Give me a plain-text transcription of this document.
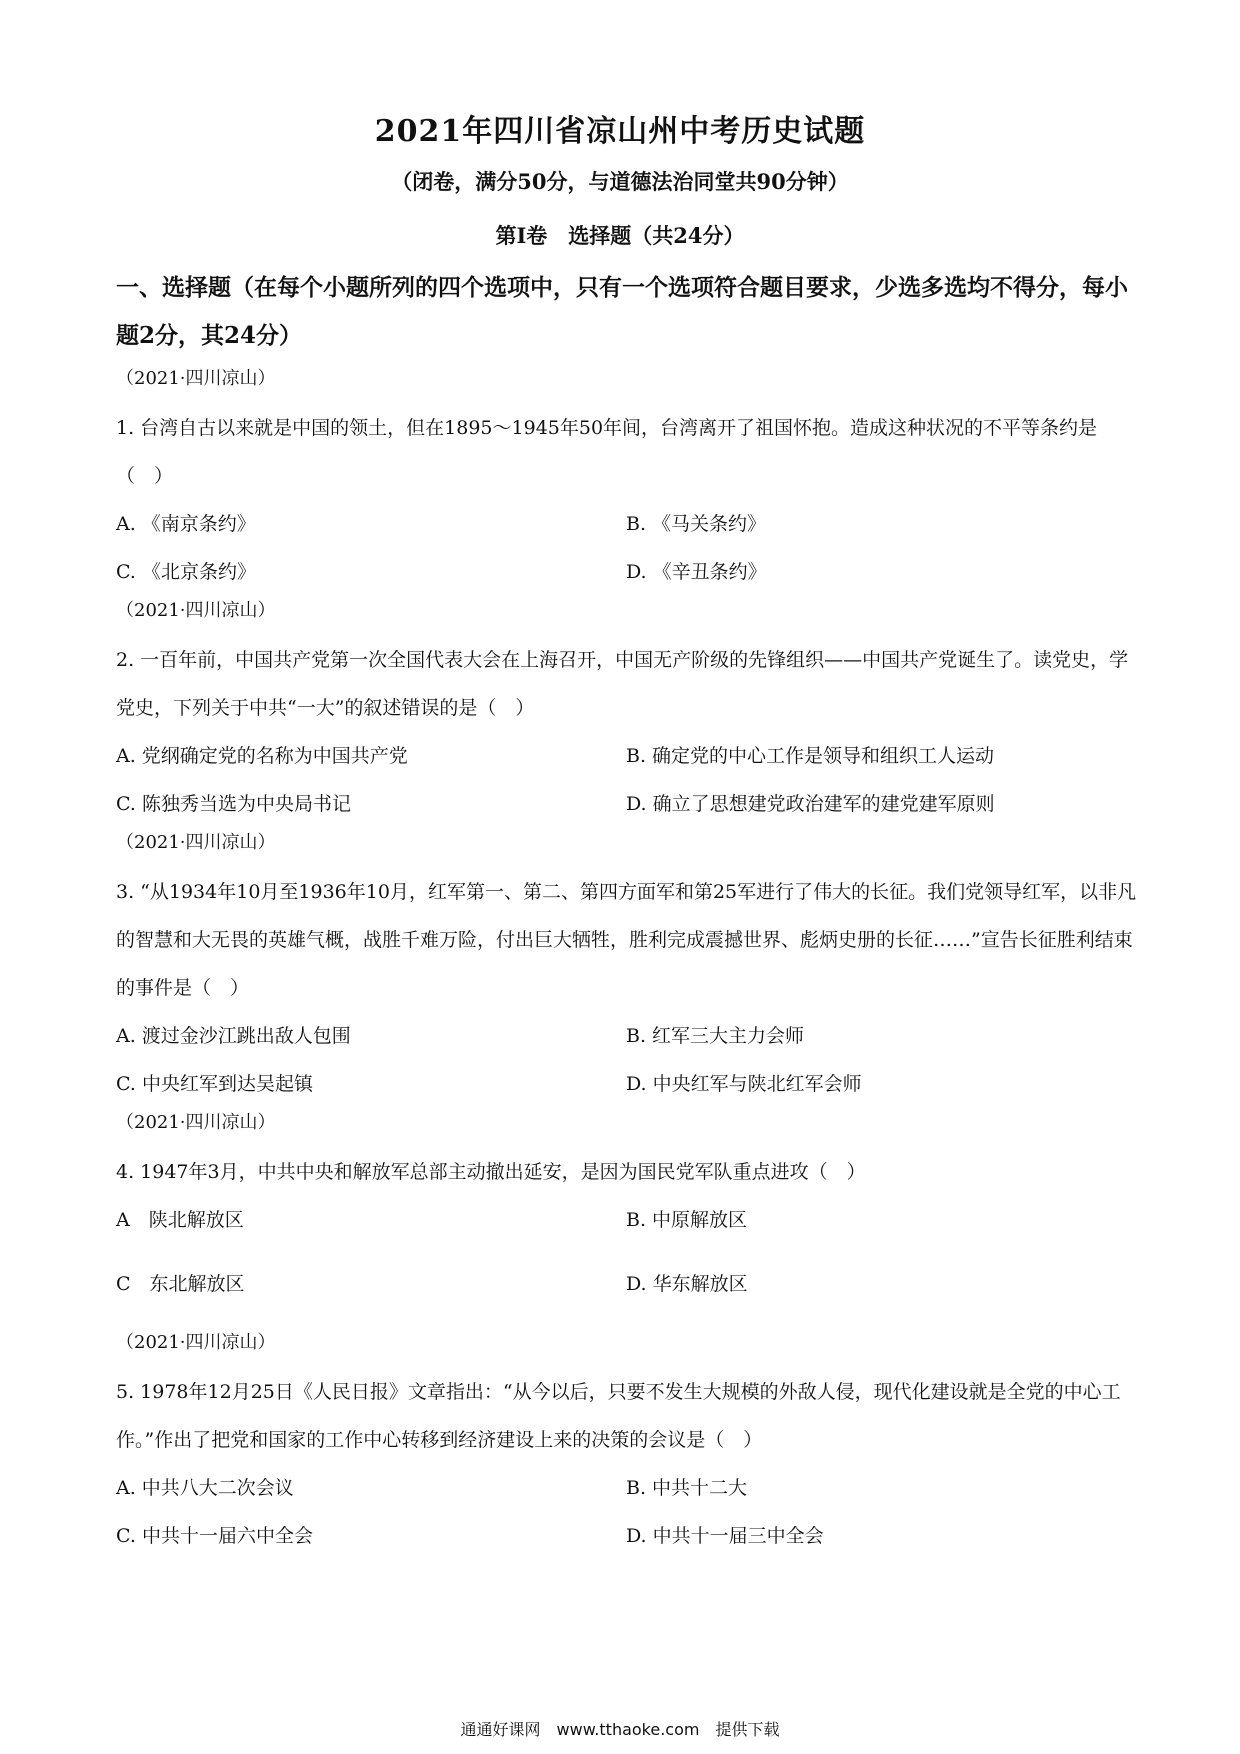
2021年四川省凉山州中考历史试题
（闭卷，满分50分，与道德法治同堂共90分钟）
第Ⅰ卷　选择题（共24分）
一、选择题（在每个小题所列的四个选项中，只有一个选项符合题目要求，少选多选均不得分，每小题2分，其24分）
（2021·四川凉山）
1. 台湾自古以来就是中国的领土，但在1895～1945年50年间，台湾离开了祖国怀抱。造成这种状况的不平等条约是（　）
A. 《南京条约》	B. 《马关条约》
C. 《北京条约》	D. 《辛丑条约》
（2021·四川凉山）
2. 一百年前，中国共产党第一次全国代表大会在上海召开，中国无产阶级的先锋组织——中国共产党诞生了。读党史，学党史，下列关于中共“一大”的叙述错误的是（　）
A. 党纲确定党的名称为中国共产党	B. 确定党的中心工作是领导和组织工人运动
C. 陈独秀当选为中央局书记	D. 确立了思想建党政治建军的建党建军原则
（2021·四川凉山）
3. “从1934年10月至1936年10月，红军第一、第二、第四方面军和第25军进行了伟大的长征。我们党领导红军，以非凡的智慧和大无畏的英雄气概，战胜千难万险，付出巨大牺牲，胜利完成震撼世界、彪炳史册的长征……”宣告长征胜利结束的事件是（　）
A. 渡过金沙江跳出敌人包围	B. 红军三大主力会师
C. 中央红军到达吴起镇	D. 中央红军与陕北红军会师
（2021·四川凉山）
4. 1947年3月，中共中央和解放军总部主动撤出延安，是因为国民党军队重点进攻（　）
A　陕北解放区	B. 中原解放区
C　东北解放区	D. 华东解放区
（2021·四川凉山）
5. 1978年12月25日《人民日报》文章指出：“从今以后，只要不发生大规模的外敌人侵，现代化建设就是全党的中心工作。”作出了把党和国家的工作中心转移到经济建设上来的决策的会议是（　）
A. 中共八大二次会议	B. 中共十二大
C. 中共十一届六中全会	D. 中共十一届三中全会
通通好课网　www.tthaoke.com　提供下载
